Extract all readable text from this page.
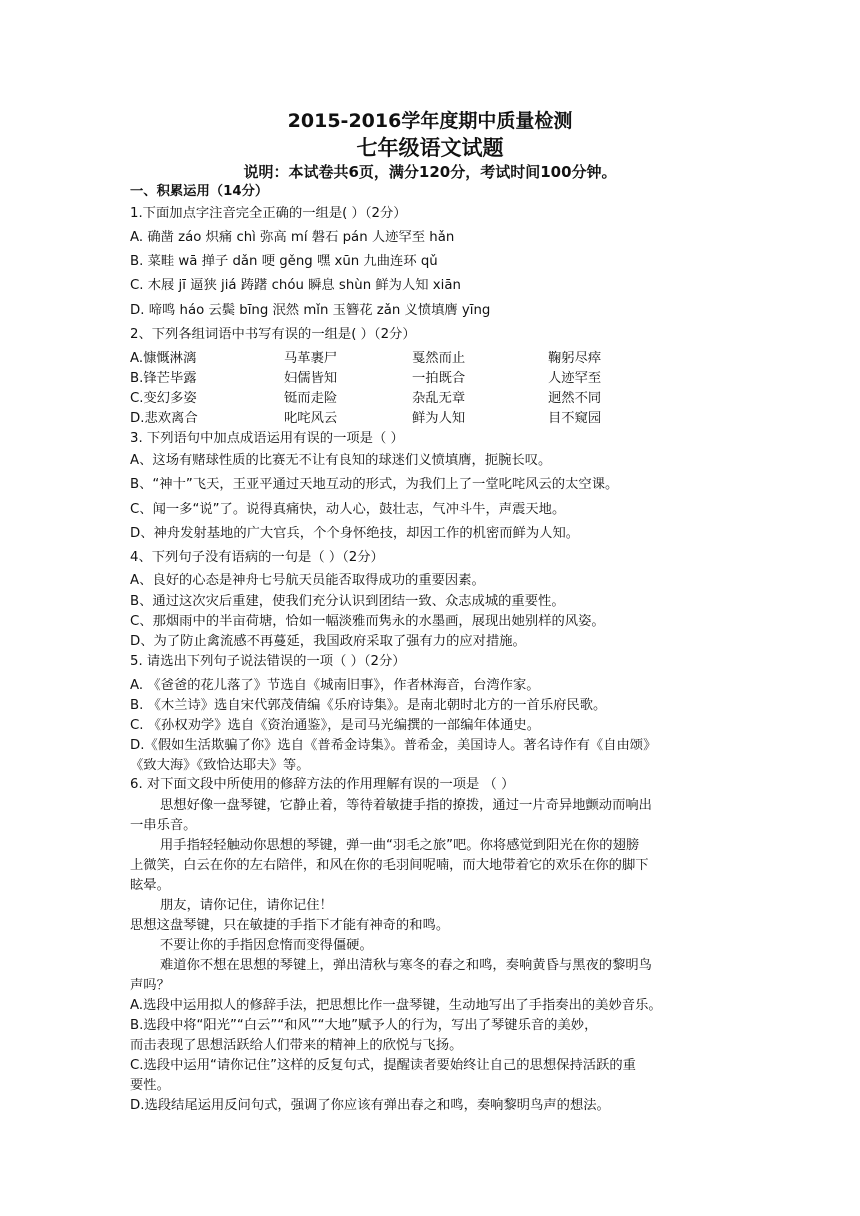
2015-2016学年度期中质量检测
七年级语文试题
说明：本试卷共6页，满分120分，考试时间100分钟。
一、积累运用（14分）
1.下面加点字注音完全正确的一组是( ）（2分）
A. 确凿 záo 炽痛 chì 弥高 mí 磐石 pán 人迹罕至 hǎn
B. 菜畦 wā 掸子 dǎn 哽 gěng 嘿 xūn 九曲连环 qǔ
C. 木屐 jī 逼狭 jiá 踌躇 chóu 瞬息 shùn 鲜为人知 xiān
D. 啼鸣 háo 云鬓 bīng 泯然 mǐn 玉簪花 zǎn 义愤填膺 yīng
2、下列各组词语中书写有误的一组是( ）（2分）
A.慷慨淋漓	马革裹尸	戛然而止	鞠躬尽瘁
B.锋芒毕露	妇儒皆知	一拍既合	人迹罕至
C.变幻多姿	铤而走险	杂乱无章	迥然不同
D.悲欢离合	叱咤风云	鲜为人知	目不窥园
3. 下列语句中加点成语运用有误的一项是（ ）
A、这场有赌球性质的比赛无不让有良知的球迷们义愤填膺，扼腕长叹。
B、“神十”飞天，王亚平通过天地互动的形式，为我们上了一堂叱咤风云的太空课。
C、闻一多“说”了。说得真痛快，动人心，鼓壮志，气冲斗牛，声震天地。
D、神舟发射基地的广大官兵，个个身怀绝技，却因工作的机密而鲜为人知。
4、下列句子没有语病的一句是（ ）（2分）
A、良好的心态是神舟七号航天员能否取得成功的重要因素。
B、通过这次灾后重建，使我们充分认识到团结一致、众志成城的重要性。
C、那烟雨中的半亩荷塘，恰如一幅淡雅而隽永的水墨画，展现出她别样的风姿。
D、为了防止禽流感不再蔓延，我国政府采取了强有力的应对措施。
5. 请选出下列句子说法错误的一项（ ）（2分）
A. 《爸爸的花儿落了》节选自《城南旧事》，作者林海音，台湾作家。
B. 《木兰诗》选自宋代郭茂倩编《乐府诗集》。是南北朝时北方的一首乐府民歌。
C. 《孙权劝学》选自《资治通鉴》，是司马光编撰的一部编年体通史。
D.《假如生活欺骗了你》选自《普希金诗集》。普希金，美国诗人。著名诗作有《自由颂》
《致大海》《致恰达耶夫》等。
6. 对下面文段中所使用的修辞方法的作用理解有误的一项是 （ ）
思想好像一盘琴键，它静止着，等待着敏捷手指的撩拨，通过一片奇异地颤动而响出
一串乐音。
用手指轻轻触动你思想的琴键，弹一曲“羽毛之旅”吧。你将感觉到阳光在你的翅膀
上微笑，白云在你的左右陪伴，和风在你的毛羽间呢喃，而大地带着它的欢乐在你的脚下
眩晕。
朋友，请你记住，请你记住！
思想这盘琴键，只在敏捷的手指下才能有神奇的和鸣。
不要让你的手指因怠惰而变得僵硬。
难道你不想在思想的琴键上，弹出清秋与寒冬的春之和鸣，奏响黄昏与黑夜的黎明鸟
声吗？
A.选段中运用拟人的修辞手法，把思想比作一盘琴键，生动地写出了手指奏出的美妙音乐。
B.选段中将“阳光”“白云”“和风”“大地”赋予人的行为，写出了琴键乐音的美妙，
而击表现了思想活跃给人们带来的精神上的欣悦与飞扬。
C.选段中运用“请你记住”这样的反复句式，提醒读者要始终让自己的思想保持活跃的重
要性。
D.选段结尾运用反问句式，强调了你应该有弹出春之和鸣，奏响黎明鸟声的想法。
